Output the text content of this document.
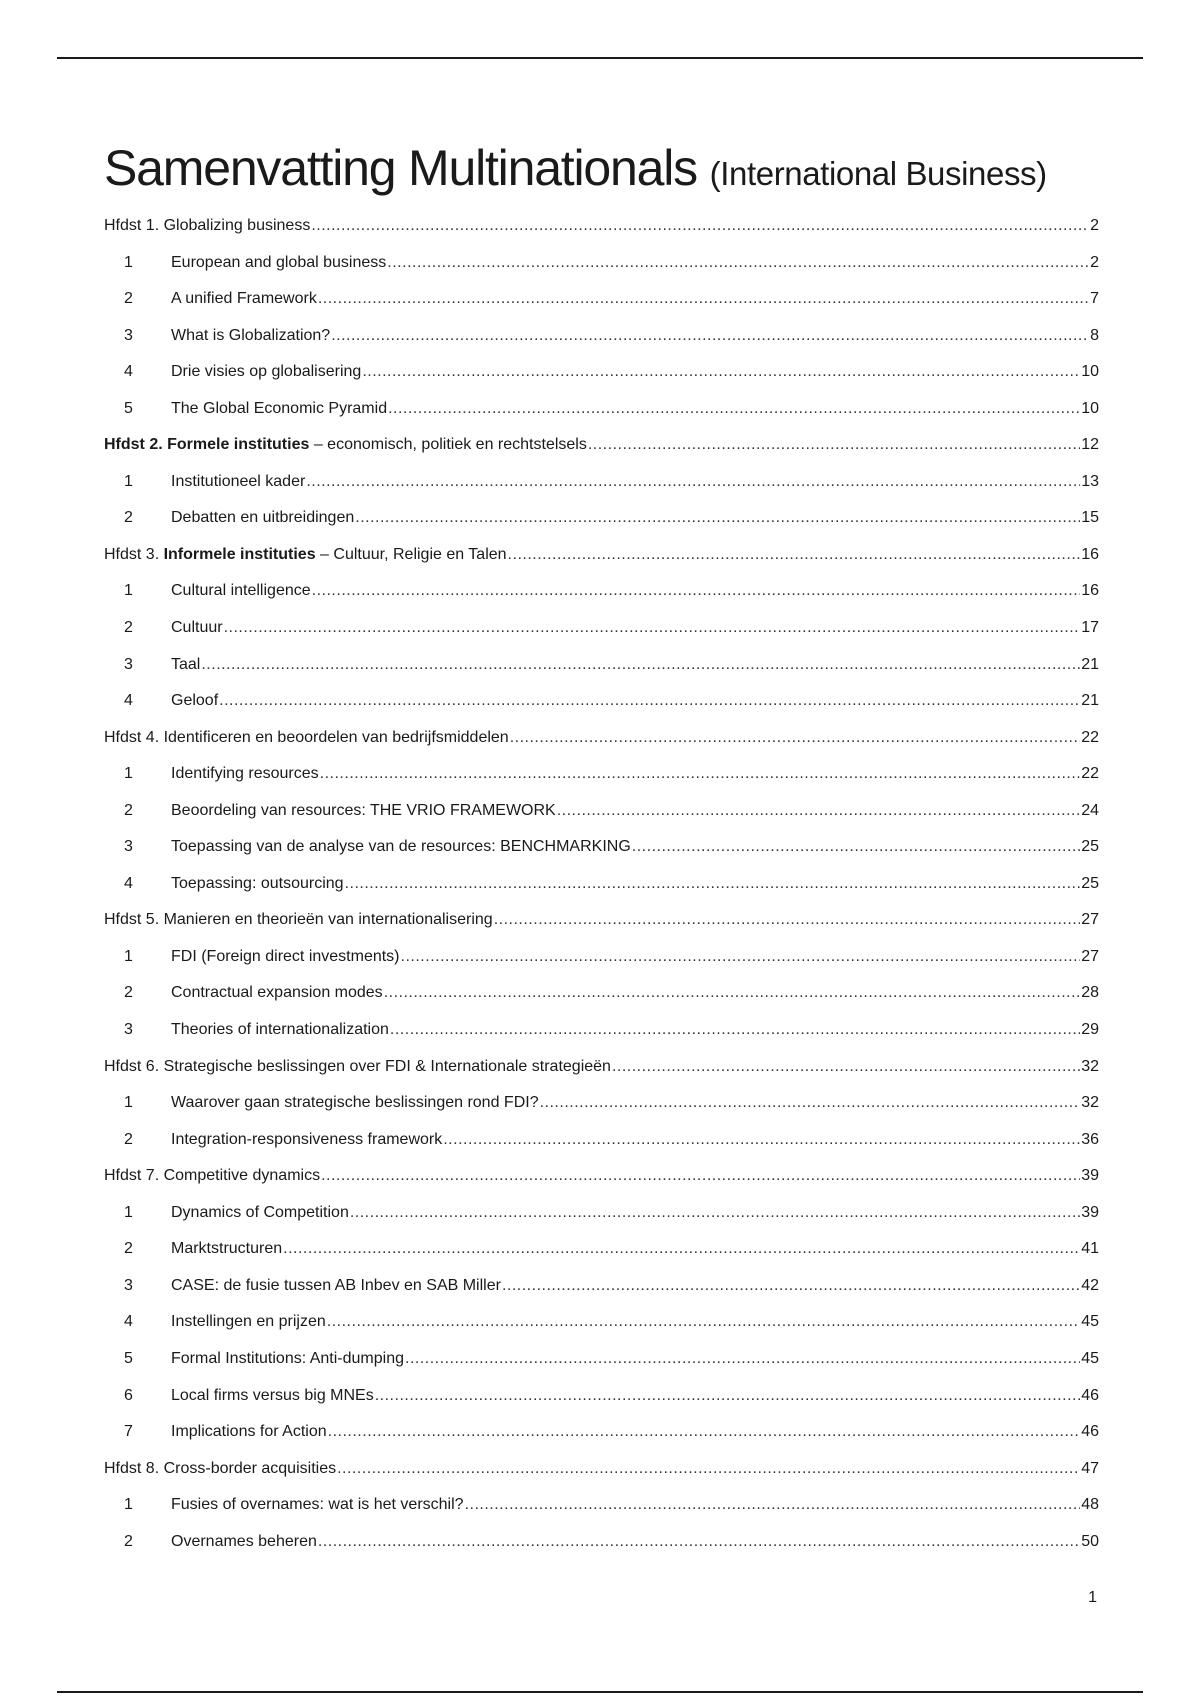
Samenvatting Multinationals (International Business)
Hfdst 1. Globalizing business .....	2
1	European and global business .....	2
2	A unified Framework .....	7
3	What is Globalization? .....	8
4	Drie visies op globalisering .....	10
5	The Global Economic Pyramid .....	10
Hfdst 2. Formele instituties – economisch, politiek en rechtstelsels .....	12
1	Institutioneel kader .....	13
2	Debatten en uitbreidingen .....	15
Hfdst 3. Informele instituties – Cultuur, Religie en Talen .....	16
1	Cultural intelligence .....	16
2	Cultuur .....	17
3	Taal .....	21
4	Geloof .....	21
Hfdst 4. Identificeren en beoordelen van bedrijfsmiddelen .....	22
1	Identifying resources .....	22
2	Beoordeling van resources: THE VRIO FRAMEWORK .....	24
3	Toepassing van de analyse van de resources: BENCHMARKING .....	25
4	Toepassing: outsourcing .....	25
Hfdst 5. Manieren en theorieën van internationalisering .....	27
1	FDI (Foreign direct investments) .....	27
2	Contractual expansion modes .....	28
3	Theories of internationalization .....	29
Hfdst 6. Strategische beslissingen over FDI & Internationale strategieën .....	32
1	Waarover gaan strategische beslissingen rond FDI? .....	32
2	Integration-responsiveness framework .....	36
Hfdst 7. Competitive dynamics .....	39
1	Dynamics of Competition .....	39
2	Marktstructuren .....	41
3	CASE: de fusie tussen AB Inbev en SAB Miller .....	42
4	Instellingen en prijzen .....	45
5	Formal Institutions: Anti-dumping .....	45
6	Local firms versus big MNEs .....	46
7	Implications for Action .....	46
Hfdst 8. Cross-border acquisities .....	47
1	Fusies of overnames: wat is het verschil? .....	48
2	Overnames beheren .....	50
1
